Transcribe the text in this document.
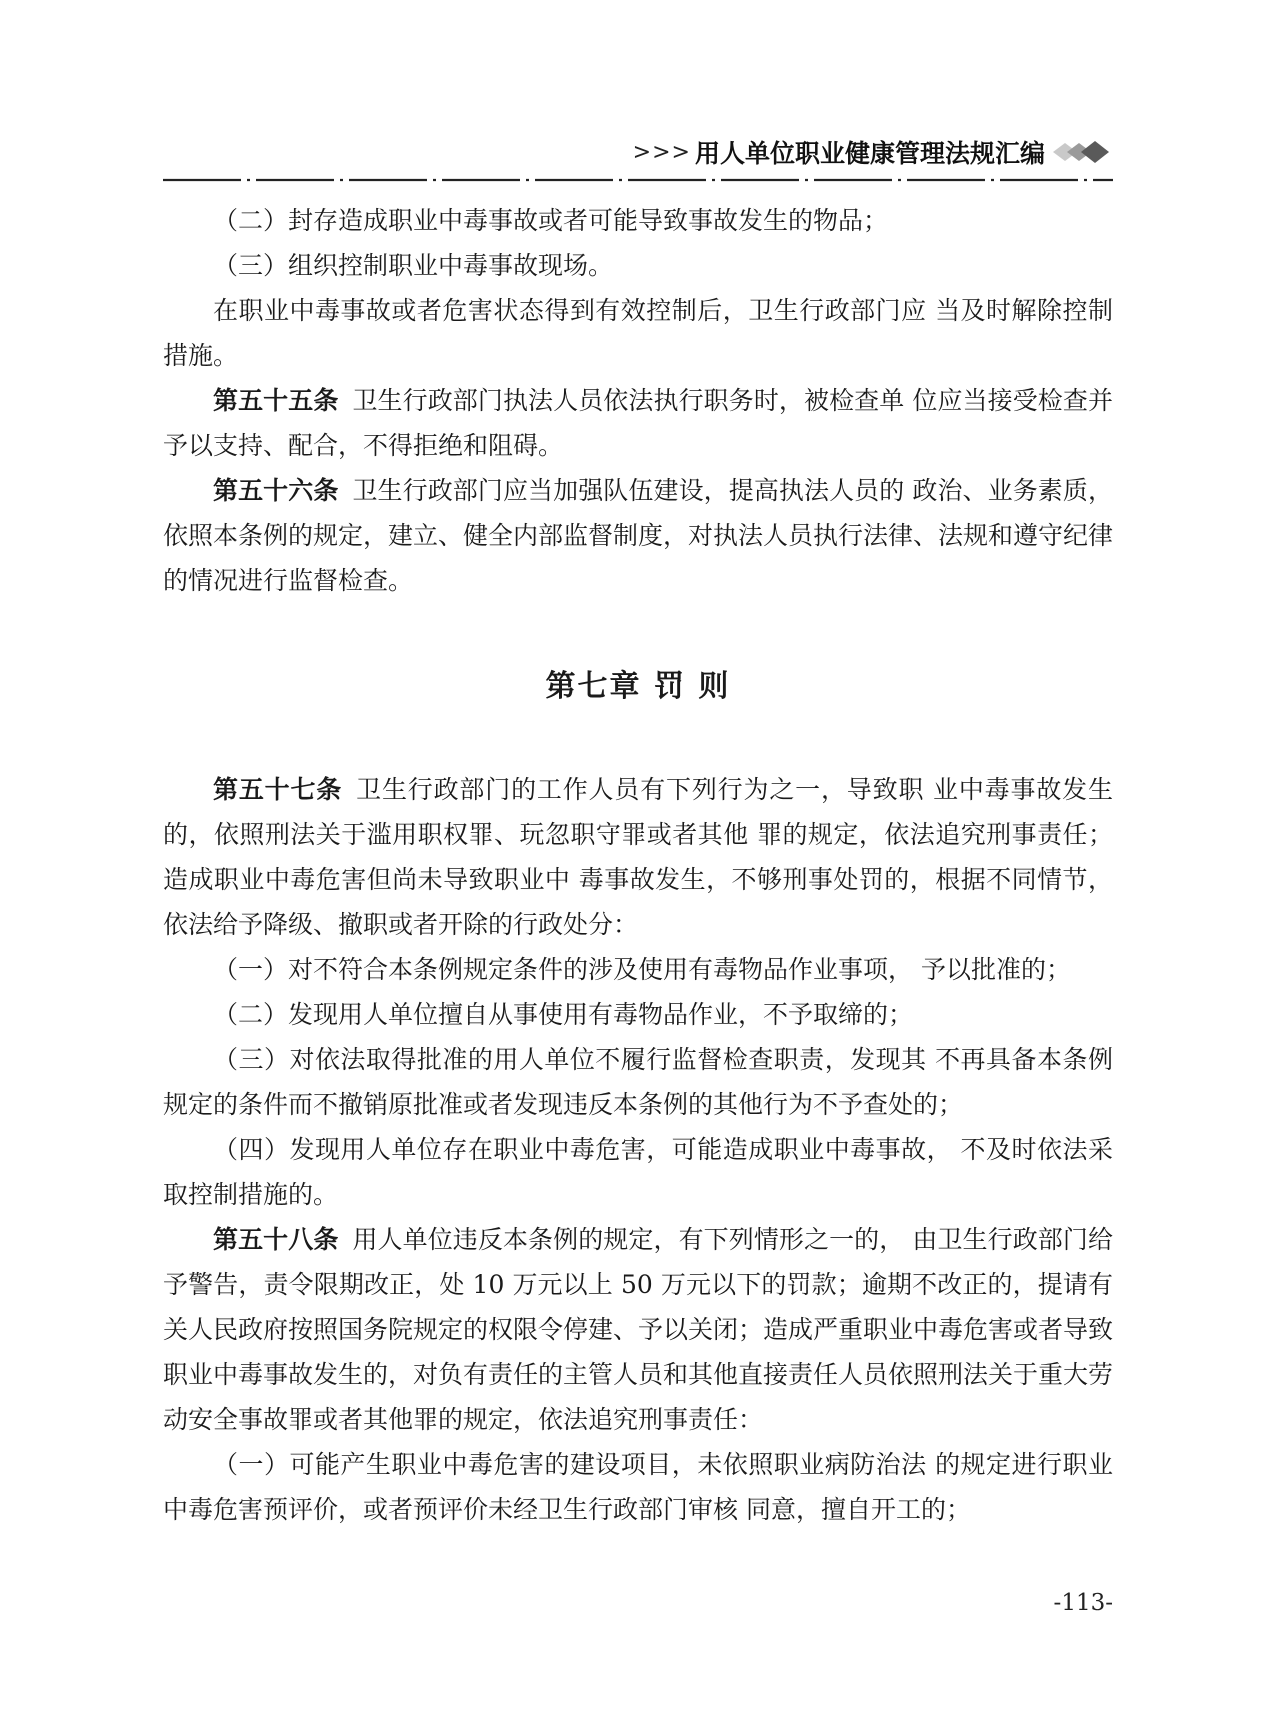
>>> 用人单位职业健康管理法规汇编

（二）封存造成职业中毒事故或者可能导致事故发生的物品；

（三）组织控制职业中毒事故现场。

在职业中毒事故或者危害状态得到有效控制后，卫生行政部门应 当及时解除控制措施。

第五十五条 卫生行政部门执法人员依法执行职务时，被检查单 位应当接受检查并予以支持、配合，不得拒绝和阻碍。

第五十六条 卫生行政部门应当加强队伍建设，提高执法人员的 政治、业务素质，依照本条例的规定，建立、健全内部监督制度，对执法人员执行法律、法规和遵守纪律的情况进行监督检查。

第七章 罚 则

第五十七条 卫生行政部门的工作人员有下列行为之一，导致职 业中毒事故发生的，依照刑法关于滥用职权罪、玩忽职守罪或者其他 罪的规定，依法追究刑事责任；造成职业中毒危害但尚未导致职业中 毒事故发生，不够刑事处罚的，根据不同情节，依法给予降级、撤职或者开除的行政处分：

（一）对不符合本条例规定条件的涉及使用有毒物品作业事项， 予以批准的；

（二）发现用人单位擅自从事使用有毒物品作业，不予取缔的；

（三）对依法取得批准的用人单位不履行监督检查职责，发现其 不再具备本条例规定的条件而不撤销原批准或者发现违反本条例的其他行为不予查处的；

（四）发现用人单位存在职业中毒危害，可能造成职业中毒事故， 不及时依法采取控制措施的。

第五十八条 用人单位违反本条例的规定，有下列情形之一的， 由卫生行政部门给予警告，责令限期改正，处 10 万元以上 50 万元以下的罚款；逾期不改正的，提请有关人民政府按照国务院规定的权限令停建、予以关闭；造成严重职业中毒危害或者导致职业中毒事故发生的，对负有责任的主管人员和其他直接责任人员依照刑法关于重大劳动安全事故罪或者其他罪的规定，依法追究刑事责任：

（一）可能产生职业中毒危害的建设项目，未依照职业病防治法 的规定进行职业中毒危害预评价，或者预评价未经卫生行政部门审核 同意，擅自开工的；

-113-
